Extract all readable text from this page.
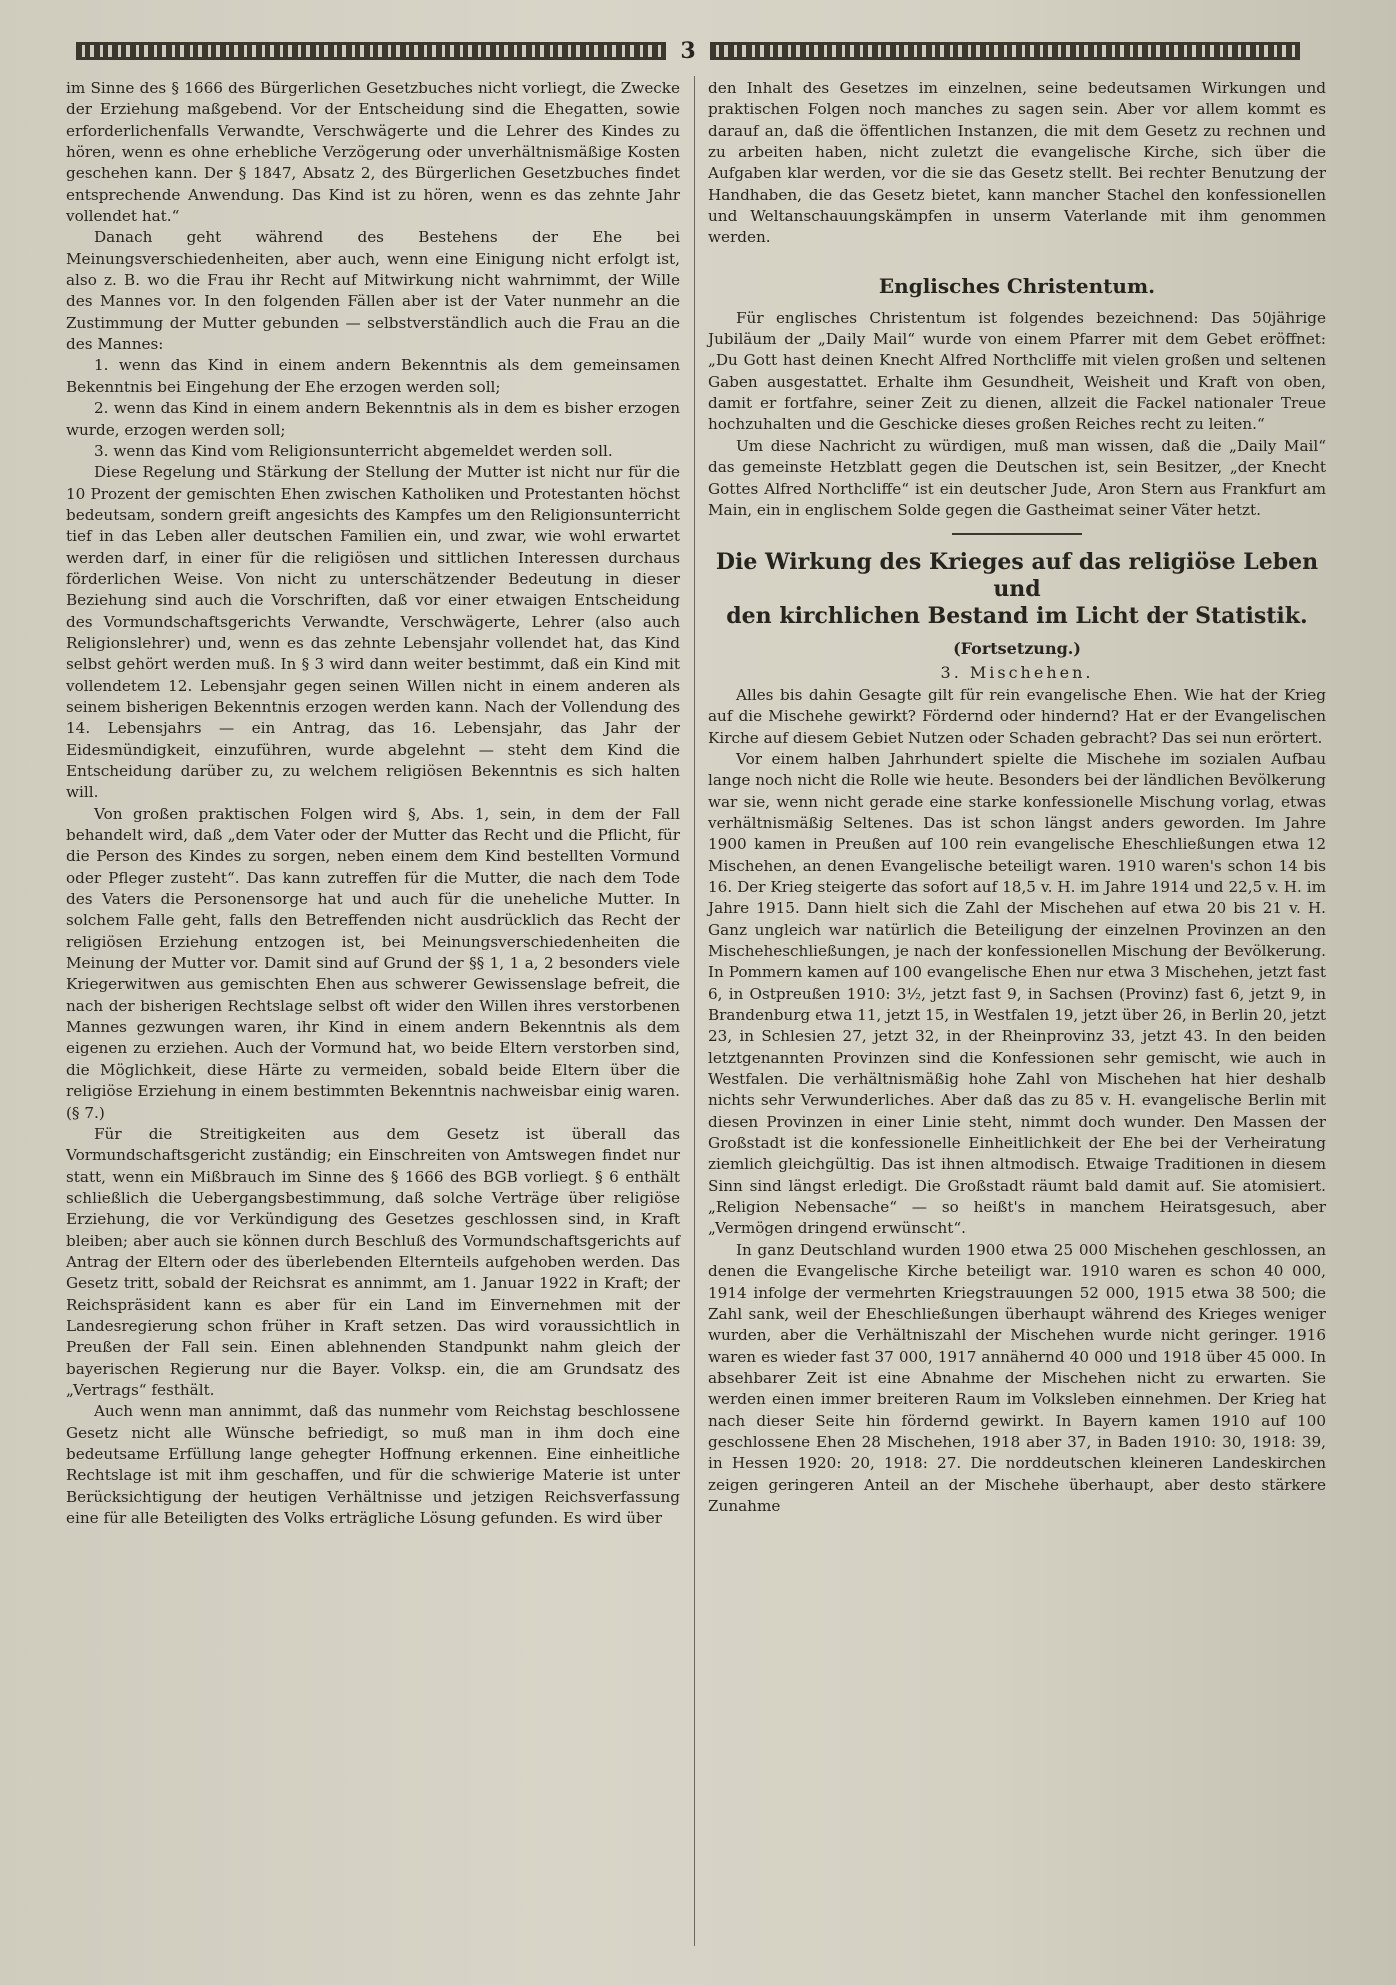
3

im Sinne des § 1666 des Bürgerlichen Gesetzbuches nicht vorliegt, die Zwecke der Erziehung maßgebend. Vor der Entscheidung sind die Ehegatten, sowie erforderlichenfalls Verwandte, Verschwägerte und die Lehrer des Kindes zu hören, wenn es ohne erhebliche Verzögerung oder unverhältnismäßige Kosten geschehen kann. Der § 1847, Absatz 2, des Bürgerlichen Gesetzbuches findet entsprechende Anwendung. Das Kind ist zu hören, wenn es das zehnte Jahr vollendet hat.“

Danach geht während des Bestehens der Ehe bei Meinungsverschiedenheiten, aber auch, wenn eine Einigung nicht erfolgt ist, also z. B. wo die Frau ihr Recht auf Mitwirkung nicht wahrnimmt, der Wille des Mannes vor. In den folgenden Fällen aber ist der Vater nunmehr an die Zustimmung der Mutter gebunden — selbstverständlich auch die Frau an die des Mannes:

1. wenn das Kind in einem andern Bekenntnis als dem gemeinsamen Bekenntnis bei Eingehung der Ehe erzogen werden soll;

2. wenn das Kind in einem andern Bekenntnis als in dem es bisher erzogen wurde, erzogen werden soll;

3. wenn das Kind vom Religionsunterricht abgemeldet werden soll.

Diese Regelung und Stärkung der Stellung der Mutter ist nicht nur für die 10 Prozent der gemischten Ehen zwischen Katholiken und Protestanten höchst bedeutsam, sondern greift angesichts des Kampfes um den Religionsunterricht tief in das Leben aller deutschen Familien ein, und zwar, wie wohl erwartet werden darf, in einer für die religiösen und sittlichen Interessen durchaus förderlichen Weise. Von nicht zu unterschätzender Bedeutung in dieser Beziehung sind auch die Vorschriften, daß vor einer etwaigen Entscheidung des Vormundschaftsgerichts Verwandte, Verschwägerte, Lehrer (also auch Religionslehrer) und, wenn es das zehnte Lebensjahr vollendet hat, das Kind selbst gehört werden muß. In § 3 wird dann weiter bestimmt, daß ein Kind mit vollendetem 12. Lebensjahr gegen seinen Willen nicht in einem anderen als seinem bisherigen Bekenntnis erzogen werden kann. Nach der Vollendung des 14. Lebensjahrs — ein Antrag, das 16. Lebensjahr, das Jahr der Eidesmündigkeit, einzuführen, wurde abgelehnt — steht dem Kind die Entscheidung darüber zu, zu welchem religiösen Bekenntnis es sich halten will.

Von großen praktischen Folgen wird §, Abs. 1, sein, in dem der Fall behandelt wird, daß „dem Vater oder der Mutter das Recht und die Pflicht, für die Person des Kindes zu sorgen, neben einem dem Kind bestellten Vormund oder Pfleger zusteht“. Das kann zutreffen für die Mutter, die nach dem Tode des Vaters die Personensorge hat und auch für die uneheliche Mutter. In solchem Falle geht, falls den Betreffenden nicht ausdrücklich das Recht der religiösen Erziehung entzogen ist, bei Meinungsverschiedenheiten die Meinung der Mutter vor. Damit sind auf Grund der §§ 1, 1 a, 2 besonders viele Kriegerwitwen aus gemischten Ehen aus schwerer Gewissenslage befreit, die nach der bisherigen Rechtslage selbst oft wider den Willen ihres verstorbenen Mannes gezwungen waren, ihr Kind in einem andern Bekenntnis als dem eigenen zu erziehen. Auch der Vormund hat, wo beide Eltern verstorben sind, die Möglichkeit, diese Härte zu vermeiden, sobald beide Eltern über die religiöse Erziehung in einem bestimmten Bekenntnis nachweisbar einig waren. (§ 7.)

Für die Streitigkeiten aus dem Gesetz ist überall das Vormundschaftsgericht zuständig; ein Einschreiten von Amtswegen findet nur statt, wenn ein Mißbrauch im Sinne des § 1666 des BGB vorliegt. § 6 enthält schließlich die Uebergangsbestimmung, daß solche Verträge über religiöse Erziehung, die vor Verkündigung des Gesetzes geschlossen sind, in Kraft bleiben; aber auch sie können durch Beschluß des Vormundschaftsgerichts auf Antrag der Eltern oder des überlebenden Elternteils aufgehoben werden. Das Gesetz tritt, sobald der Reichsrat es annimmt, am 1. Januar 1922 in Kraft; der Reichspräsident kann es aber für ein Land im Einvernehmen mit der Landesregierung schon früher in Kraft setzen. Das wird voraussichtlich in Preußen der Fall sein. Einen ablehnenden Standpunkt nahm gleich der bayerischen Regierung nur die Bayer. Volksp. ein, die am Grundsatz des „Vertrags“ festhält.

Auch wenn man annimmt, daß das nunmehr vom Reichstag beschlossene Gesetz nicht alle Wünsche befriedigt, so muß man in ihm doch eine bedeutsame Erfüllung lange gehegter Hoffnung erkennen. Eine einheitliche Rechtslage ist mit ihm geschaffen, und für die schwierige Materie ist unter Berücksichtigung der heutigen Verhältnisse und jetzigen Reichsverfassung eine für alle Beteiligten des Volks erträgliche Lösung gefunden. Es wird über

den Inhalt des Gesetzes im einzelnen, seine bedeutsamen Wirkungen und praktischen Folgen noch manches zu sagen sein. Aber vor allem kommt es darauf an, daß die öffentlichen Instanzen, die mit dem Gesetz zu rechnen und zu arbeiten haben, nicht zuletzt die evangelische Kirche, sich über die Aufgaben klar werden, vor die sie das Gesetz stellt. Bei rechter Benutzung der Handhaben, die das Gesetz bietet, kann mancher Stachel den konfessionellen und Weltanschauungskämpfen in unserm Vaterlande mit ihm genommen werden.

Englisches Christentum.

Für englisches Christentum ist folgendes bezeichnend: Das 50jährige Jubiläum der „Daily Mail“ wurde von einem Pfarrer mit dem Gebet eröffnet: „Du Gott hast deinen Knecht Alfred Northcliffe mit vielen großen und seltenen Gaben ausgestattet. Erhalte ihm Gesundheit, Weisheit und Kraft von oben, damit er fortfahre, seiner Zeit zu dienen, allzeit die Fackel nationaler Treue hochzuhalten und die Geschicke dieses großen Reiches recht zu leiten.“

Um diese Nachricht zu würdigen, muß man wissen, daß die „Daily Mail“ das gemeinste Hetzblatt gegen die Deutschen ist, sein Besitzer, „der Knecht Gottes Alfred Northcliffe“ ist ein deutscher Jude, Aron Stern aus Frankfurt am Main, ein in englischem Solde gegen die Gastheimat seiner Väter hetzt.

Die Wirkung des Krieges auf das religiöse Leben und
den kirchlichen Bestand im Licht der Statistik.
(Fortsetzung.)
3. Mischehen.

Alles bis dahin Gesagte gilt für rein evangelische Ehen. Wie hat der Krieg auf die Mischehe gewirkt? Fördernd oder hindernd? Hat er der Evangelischen Kirche auf diesem Gebiet Nutzen oder Schaden gebracht? Das sei nun erörtert.

Vor einem halben Jahrhundert spielte die Mischehe im sozialen Aufbau lange noch nicht die Rolle wie heute. Besonders bei der ländlichen Bevölkerung war sie, wenn nicht gerade eine starke konfessionelle Mischung vorlag, etwas verhältnismäßig Seltenes. Das ist schon längst anders geworden. Im Jahre 1900 kamen in Preußen auf 100 rein evangelische Eheschließungen etwa 12 Mischehen, an denen Evangelische beteiligt waren. 1910 waren's schon 14 bis 16. Der Krieg steigerte das sofort auf 18,5 v. H. im Jahre 1914 und 22,5 v. H. im Jahre 1915. Dann hielt sich die Zahl der Mischehen auf etwa 20 bis 21 v. H. Ganz ungleich war natürlich die Beteiligung der einzelnen Provinzen an den Mischeheschließungen, je nach der konfessionellen Mischung der Bevölkerung. In Pommern kamen auf 100 evangelische Ehen nur etwa 3 Mischehen, jetzt fast 6, in Ostpreußen 1910: 3½, jetzt fast 9, in Sachsen (Provinz) fast 6, jetzt 9, in Brandenburg etwa 11, jetzt 15, in Westfalen 19, jetzt über 26, in Berlin 20, jetzt 23, in Schlesien 27, jetzt 32, in der Rheinprovinz 33, jetzt 43. In den beiden letztgenannten Provinzen sind die Konfessionen sehr gemischt, wie auch in Westfalen. Die verhältnismäßig hohe Zahl von Mischehen hat hier deshalb nichts sehr Verwunderliches. Aber daß das zu 85 v. H. evangelische Berlin mit diesen Provinzen in einer Linie steht, nimmt doch wunder. Den Massen der Großstadt ist die konfessionelle Einheitlichkeit der Ehe bei der Verheiratung ziemlich gleichgültig. Das ist ihnen altmodisch. Etwaige Traditionen in diesem Sinn sind längst erledigt. Die Großstadt räumt bald damit auf. Sie atomisiert. „Religion Nebensache“ — so heißt's in manchem Heiratsgesuch, aber „Vermögen dringend erwünscht“.

In ganz Deutschland wurden 1900 etwa 25 000 Mischehen geschlossen, an denen die Evangelische Kirche beteiligt war. 1910 waren es schon 40 000, 1914 infolge der vermehrten Kriegstrauungen 52 000, 1915 etwa 38 500; die Zahl sank, weil der Eheschließungen überhaupt während des Krieges weniger wurden, aber die Verhältniszahl der Mischehen wurde nicht geringer. 1916 waren es wieder fast 37 000, 1917 annähernd 40 000 und 1918 über 45 000. In absehbarer Zeit ist eine Abnahme der Mischehen nicht zu erwarten. Sie werden einen immer breiteren Raum im Volksleben einnehmen. Der Krieg hat nach dieser Seite hin fördernd gewirkt. In Bayern kamen 1910 auf 100 geschlossene Ehen 28 Mischehen, 1918 aber 37, in Baden 1910: 30, 1918: 39, in Hessen 1920: 20, 1918: 27. Die norddeutschen kleineren Landeskirchen zeigen geringeren Anteil an der Mischehe überhaupt, aber desto stärkere Zunahme
